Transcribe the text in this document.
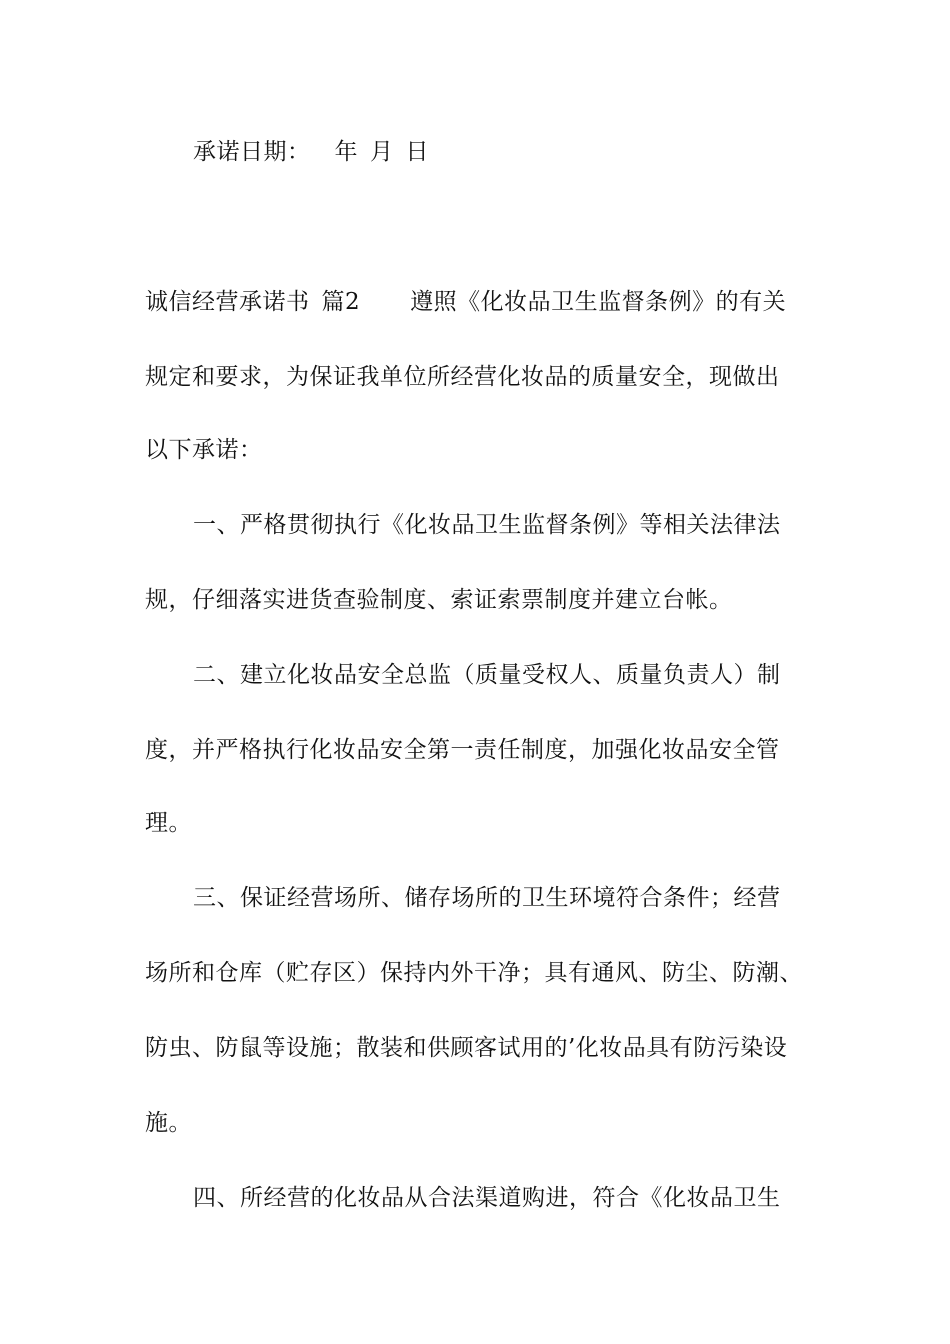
承诺日期： 年 月 日
诚信经营承诺书 篇2 遵照《化妆品卫生监督条例》的有关
规定和要求，为保证我单位所经营化妆品的质量安全，现做出
以下承诺：
一、严格贯彻执行《化妆品卫生监督条例》等相关法律法
规，仔细落实进货查验制度、索证索票制度并建立台帐。
二、建立化妆品安全总监（质量受权人、质量负责人）制
度，并严格执行化妆品安全第一责任制度，加强化妆品安全管
理。
三、保证经营场所、储存场所的卫生环境符合条件；经营
场所和仓库（贮存区）保持内外干净；具有通风、防尘、防潮、
防虫、防鼠等设施；散装和供顾客试用的’化妆品具有防污染设
施。
四、所经营的化妆品从合法渠道购进，符合《化妆品卫生
